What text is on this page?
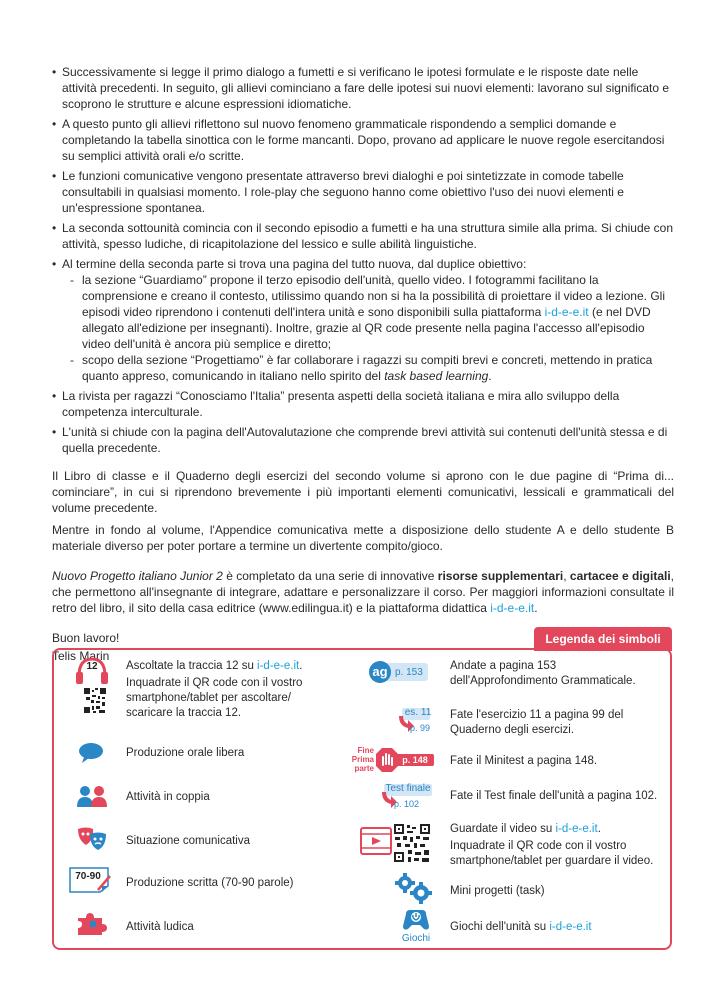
• Successivamente si legge il primo dialogo a fumetti e si verificano le ipotesi formulate e le risposte date nelle attività precedenti. In seguito, gli allievi cominciano a fare delle ipotesi sui nuovi elementi: lavorano sul significato e scoprono le strutture e alcune espressioni idiomatiche.
• A questo punto gli allievi riflettono sul nuovo fenomeno grammaticale rispondendo a semplici domande e completando la tabella sinottica con le forme mancanti. Dopo, provano ad applicare le nuove regole esercitandosi su semplici attività orali e/o scritte.
• Le funzioni comunicative vengono presentate attraverso brevi dialoghi e poi sintetizzate in comode tabelle consultabili in qualsiasi momento. I role-play che seguono hanno come obiettivo l'uso dei nuovi elementi e un'espressione spontanea.
• La seconda sottounità comincia con il secondo episodio a fumetti e ha una struttura simile alla prima. Si chiude con attività, spesso ludiche, di ricapitolazione del lessico e sulle abilità linguistiche.
• Al termine della seconda parte si trova una pagina del tutto nuova, dal duplice obiettivo:
- la sezione “Guardiamo” propone il terzo episodio dell'unità, quello video. I fotogrammi facilitano la comprensione e creano il contesto, utilissimo quando non si ha la possibilità di proiettare il video a lezione. Gli episodi video riprendono i contenuti dell'intera unità e sono disponibili sulla piattaforma i-d-e-e.it (e nel DVD allegato all'edizione per insegnanti). Inoltre, grazie al QR code presente nella pagina l'accesso all'episodio video dell'unità è ancora più semplice e diretto;
- scopo della sezione “Progettiamo” è far collaborare i ragazzi su compiti brevi e concreti, mettendo in pratica quanto appreso, comunicando in italiano nello spirito del task based learning.
• La rivista per ragazzi “Conosciamo l'Italia” presenta aspetti della società italiana e mira allo sviluppo della competenza interculturale.
• L'unità si chiude con la pagina dell'Autovalutazione che comprende brevi attività sui contenuti dell'unità stessa e di quella precedente.

Il Libro di classe e il Quaderno degli esercizi del secondo volume si aprono con le due pagine di “Prima di... cominciare”, in cui si riprendono brevemente i più importanti elementi comunicativi, lessicali e grammaticali del volume precedente.

Mentre in fondo al volume, l'Appendice comunicativa mette a disposizione dello studente A e dello studente B materiale diverso per poter portare a termine un divertente compito/gioco.

Nuovo Progetto italiano Junior 2 è completato da una serie di innovative risorse supplementari, cartacee e digitali, che permettono all'insegnante di integrare, adattare e personalizzare il corso. Per maggiori informazioni consultate il retro del libro, il sito della casa editrice (www.edilingua.it) e la piattaforma didattica i-d-e-e.it.

Buon lavoro!

Telis Marin

Legenda dei simboli
12	Ascoltate la traccia 12 su i-d-e-e.it.
Inquadrate il QR code con il vostro smartphone/tablet per ascoltare/ scaricare la traccia 12.
Produzione orale libera
Attività in coppia
Situazione comunicativa
70-90
Produzione scritta (70-90 parole)
Attività ludica
ag p. 153
Andate a pagina 153 dell'Approfondimento Grammaticale.
es. 11
p. 99
Fate l'esercizio 11 a pagina 99 del Quaderno degli esercizi.
Fine Prima parte
p. 148	Fate il Minitest a pagina 148.
Test finale
p. 102
Fate il Test finale dell'unità a pagina 102.
Guardate il video su i-d-e-e.it.
Inquadrate il QR code con il vostro smartphone/tablet per guardare il video.
Mini progetti (task)
Giochi
Giochi dell'unità su i-d-e-e.it
